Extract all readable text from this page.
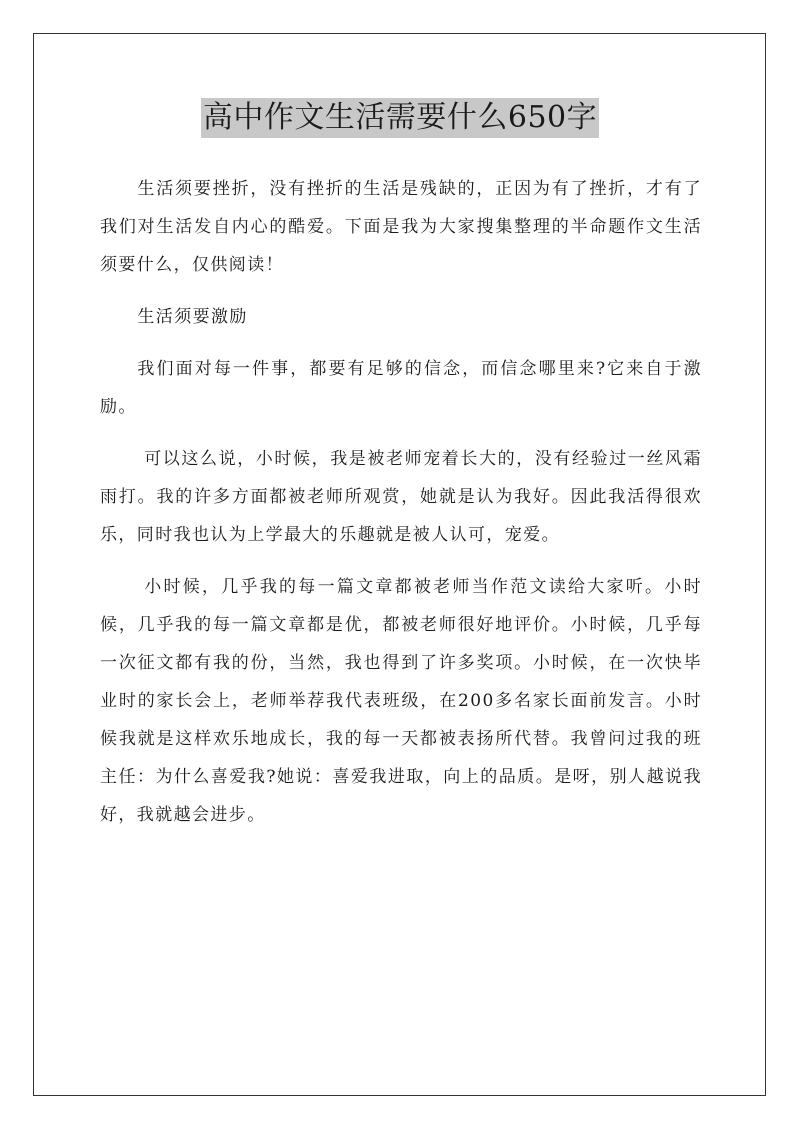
高中作文生活需要什么650字

生活须要挫折，没有挫折的生活是残缺的，正因为有了挫折，才有了我们对生活发自内心的酷爱。下面是我为大家搜集整理的半命题作文生活须要什么，仅供阅读！

生活须要激励

我们面对每一件事，都要有足够的信念，而信念哪里来?它来自于激励。

可以这么说，小时候，我是被老师宠着长大的，没有经验过一丝风霜雨打。我的许多方面都被老师所观赏，她就是认为我好。因此我活得很欢乐，同时我也认为上学最大的乐趣就是被人认可，宠爱。

小时候，几乎我的每一篇文章都被老师当作范文读给大家听。小时候，几乎我的每一篇文章都是优，都被老师很好地评价。小时候，几乎每一次征文都有我的份，当然，我也得到了许多奖项。小时候，在一次快毕业时的家长会上，老师举荐我代表班级，在200多名家长面前发言。小时候我就是这样欢乐地成长，我的每一天都被表扬所代替。我曾问过我的班主任：为什么喜爱我?她说：喜爱我进取，向上的品质。是呀，别人越说我好，我就越会进步。
